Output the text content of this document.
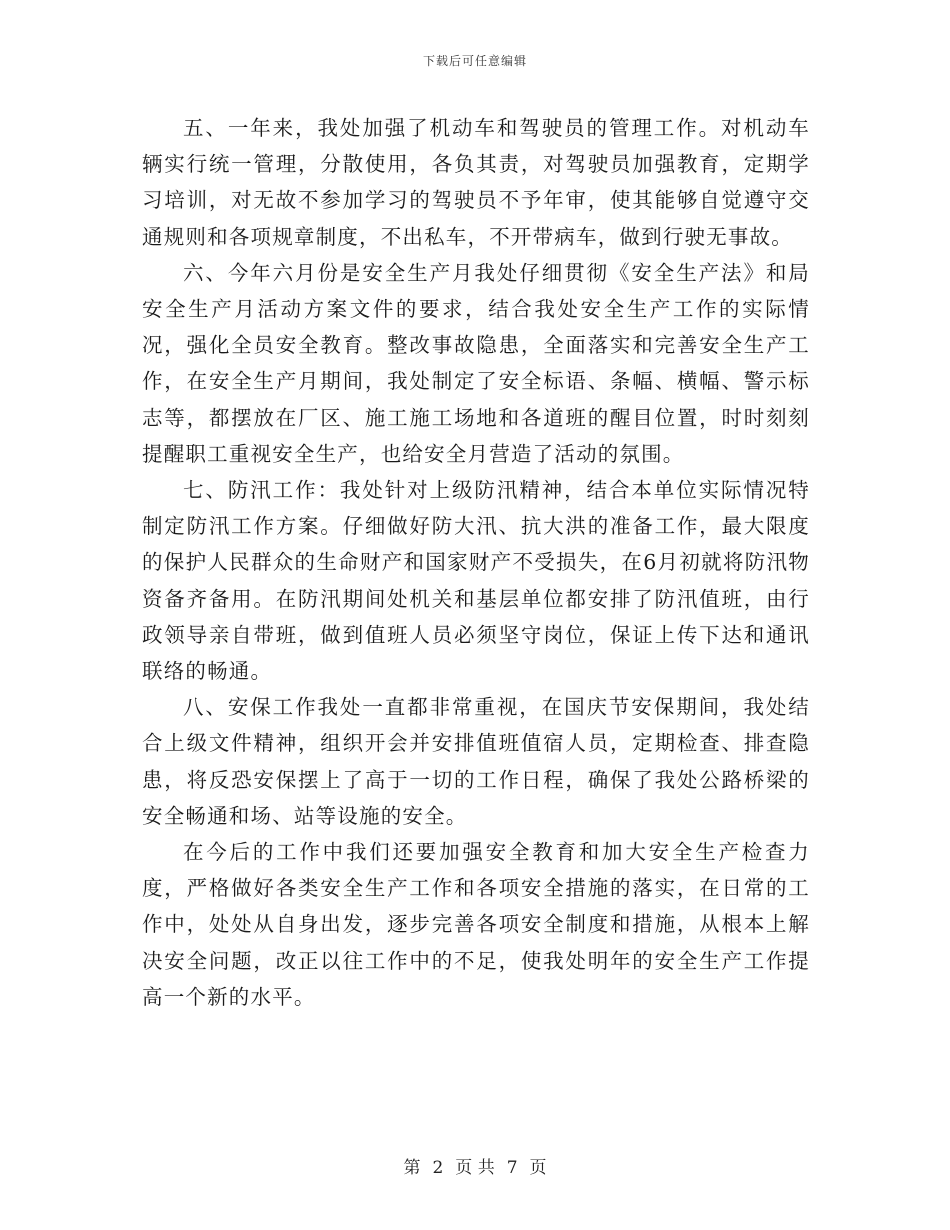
下载后可任意编辑

五、一年来，我处加强了机动车和驾驶员的管理工作。对机动车辆实行统一管理，分散使用，各负其责，对驾驶员加强教育，定期学习培训，对无故不参加学习的驾驶员不予年审，使其能够自觉遵守交通规则和各项规章制度，不出私车，不开带病车，做到行驶无事故。

六、今年六月份是安全生产月我处仔细贯彻《安全生产法》和局安全生产月活动方案文件的要求，结合我处安全生产工作的实际情况，强化全员安全教育。整改事故隐患，全面落实和完善安全生产工作，在安全生产月期间，我处制定了安全标语、条幅、横幅、警示标志等，都摆放在厂区、施工施工场地和各道班的醒目位置，时时刻刻提醒职工重视安全生产，也给安全月营造了活动的氛围。

七、防汛工作：我处针对上级防汛精神，结合本单位实际情况特制定防汛工作方案。仔细做好防大汛、抗大洪的准备工作，最大限度的保护人民群众的生命财产和国家财产不受损失，在6月初就将防汛物资备齐备用。在防汛期间处机关和基层单位都安排了防汛值班，由行政领导亲自带班，做到值班人员必须坚守岗位，保证上传下达和通讯联络的畅通。

八、安保工作我处一直都非常重视，在国庆节安保期间，我处结合上级文件精神，组织开会并安排值班值宿人员，定期检查、排查隐患，将反恐安保摆上了高于一切的工作日程，确保了我处公路桥梁的安全畅通和场、站等设施的安全。

在今后的工作中我们还要加强安全教育和加大安全生产检查力度，严格做好各类安全生产工作和各项安全措施的落实，在日常的工作中，处处从自身出发，逐步完善各项安全制度和措施，从根本上解决安全问题，改正以往工作中的不足，使我处明年的安全生产工作提高一个新的水平。

第 2 页 共 7 页
